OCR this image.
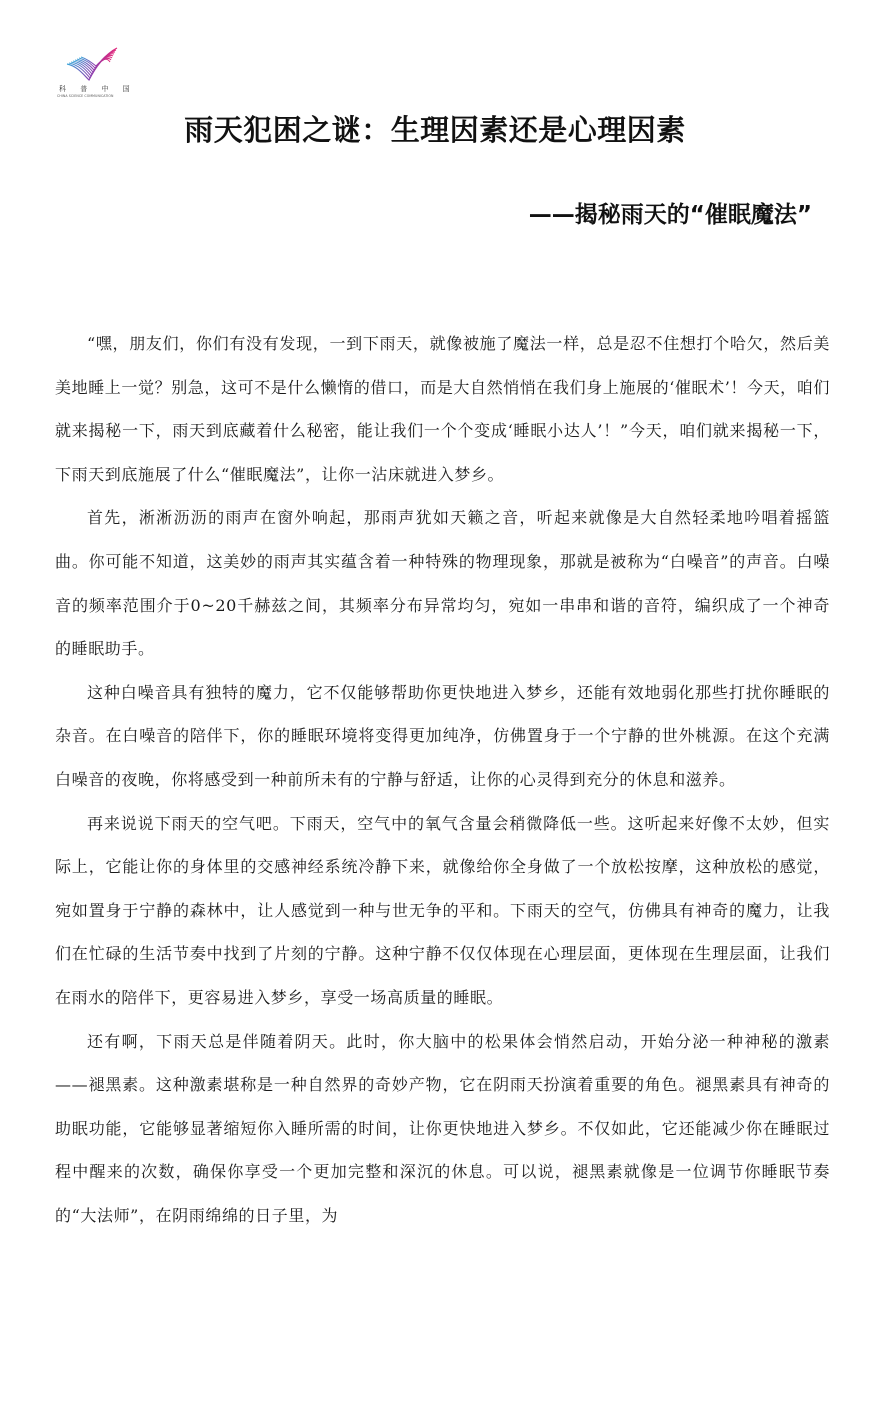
科 普 中 国
CHINA SCIENCE COMMUNICATION
雨天犯困之谜：生理因素还是心理因素
——揭秘雨天的“催眠魔法”

“嘿，朋友们，你们有没有发现，一到下雨天，就像被施了魔法一样，总是忍不住想打个哈欠，然后美美地睡上一觉？别急，这可不是什么懒惰的借口，而是大自然悄悄在我们身上施展的‘催眠术’！今天，咱们就来揭秘一下，雨天到底藏着什么秘密，能让我们一个个变成‘睡眠小达人’！”今天，咱们就来揭秘一下，下雨天到底施展了什么“催眠魔法”，让你一沾床就进入梦乡。

首先，淅淅沥沥的雨声在窗外响起，那雨声犹如天籁之音，听起来就像是大自然轻柔地吟唱着摇篮曲。你可能不知道，这美妙的雨声其实蕴含着一种特殊的物理现象，那就是被称为“白噪音”的声音。白噪音的频率范围介于0~20千赫兹之间，其频率分布异常均匀，宛如一串串和谐的音符，编织成了一个神奇的睡眠助手。

这种白噪音具有独特的魔力，它不仅能够帮助你更快地进入梦乡，还能有效地弱化那些打扰你睡眠的杂音。在白噪音的陪伴下，你的睡眠环境将变得更加纯净，仿佛置身于一个宁静的世外桃源。在这个充满白噪音的夜晚，你将感受到一种前所未有的宁静与舒适，让你的心灵得到充分的休息和滋养。

再来说说下雨天的空气吧。下雨天，空气中的氧气含量会稍微降低一些。这听起来好像不太妙，但实际上，它能让你的身体里的交感神经系统冷静下来，就像给你全身做了一个放松按摩，这种放松的感觉，宛如置身于宁静的森林中，让人感觉到一种与世无争的平和。下雨天的空气，仿佛具有神奇的魔力，让我们在忙碌的生活节奏中找到了片刻的宁静。这种宁静不仅仅体现在心理层面，更体现在生理层面，让我们在雨水的陪伴下，更容易进入梦乡，享受一场高质量的睡眠。

还有啊，下雨天总是伴随着阴天。此时，你大脑中的松果体会悄然启动，开始分泌一种神秘的激素——褪黑素。这种激素堪称是一种自然界的奇妙产物，它在阴雨天扮演着重要的角色。褪黑素具有神奇的助眠功能，它能够显著缩短你入睡所需的时间，让你更快地进入梦乡。不仅如此，它还能减少你在睡眠过程中醒来的次数，确保你享受一个更加完整和深沉的休息。可以说，褪黑素就像是一位调节你睡眠节奏的“大法师”，在阴雨绵绵的日子里，为
